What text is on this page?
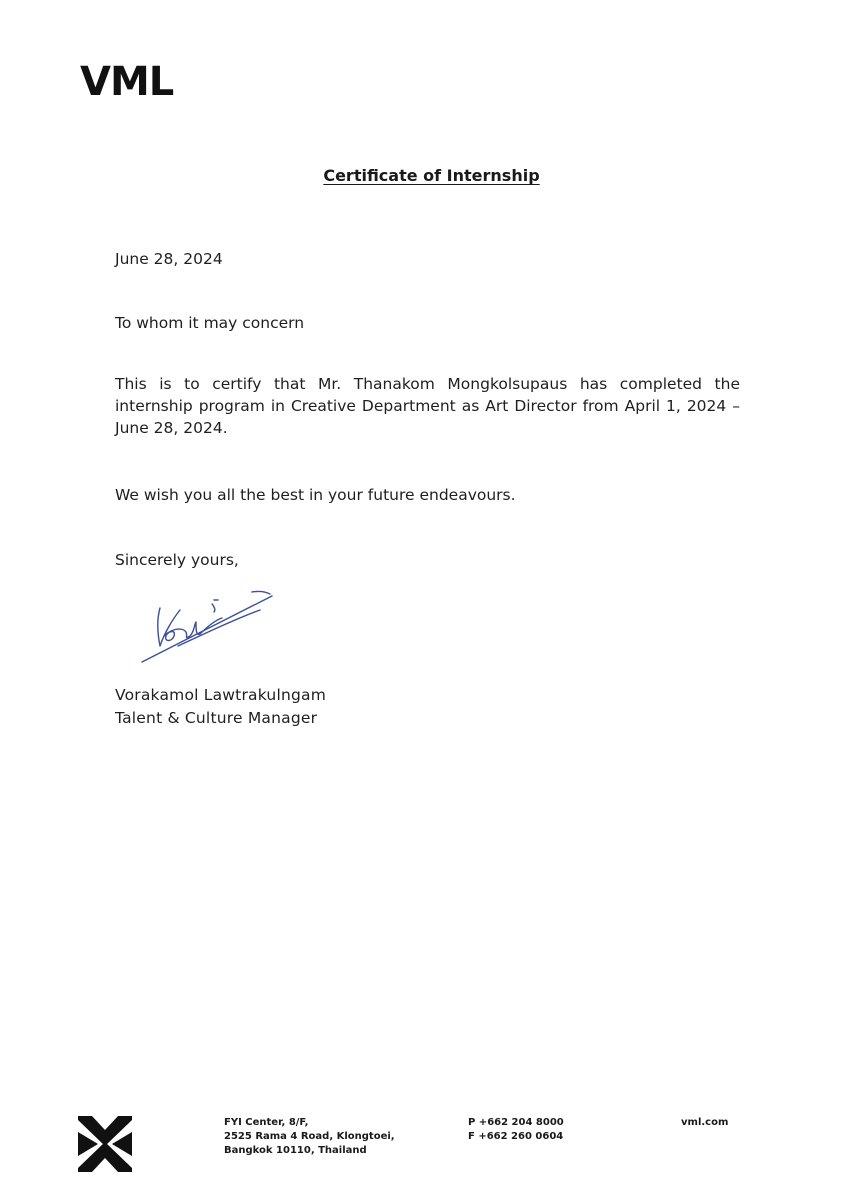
VML
Certificate of Internship
June 28, 2024
To whom it may concern
This is to certify that Mr. Thanakom Mongkolsupaus has completed the internship program in Creative Department as Art Director from April 1, 2024 – June 28, 2024.
We wish you all the best in your future endeavours.
Sincerely yours,
Vorakamol Lawtrakulngam
Talent & Culture Manager
FYI Center, 8/F,
2525 Rama 4 Road, Klongtoei,
Bangkok 10110, Thailand
P +662 204 8000
F +662 260 0604
vml.com
